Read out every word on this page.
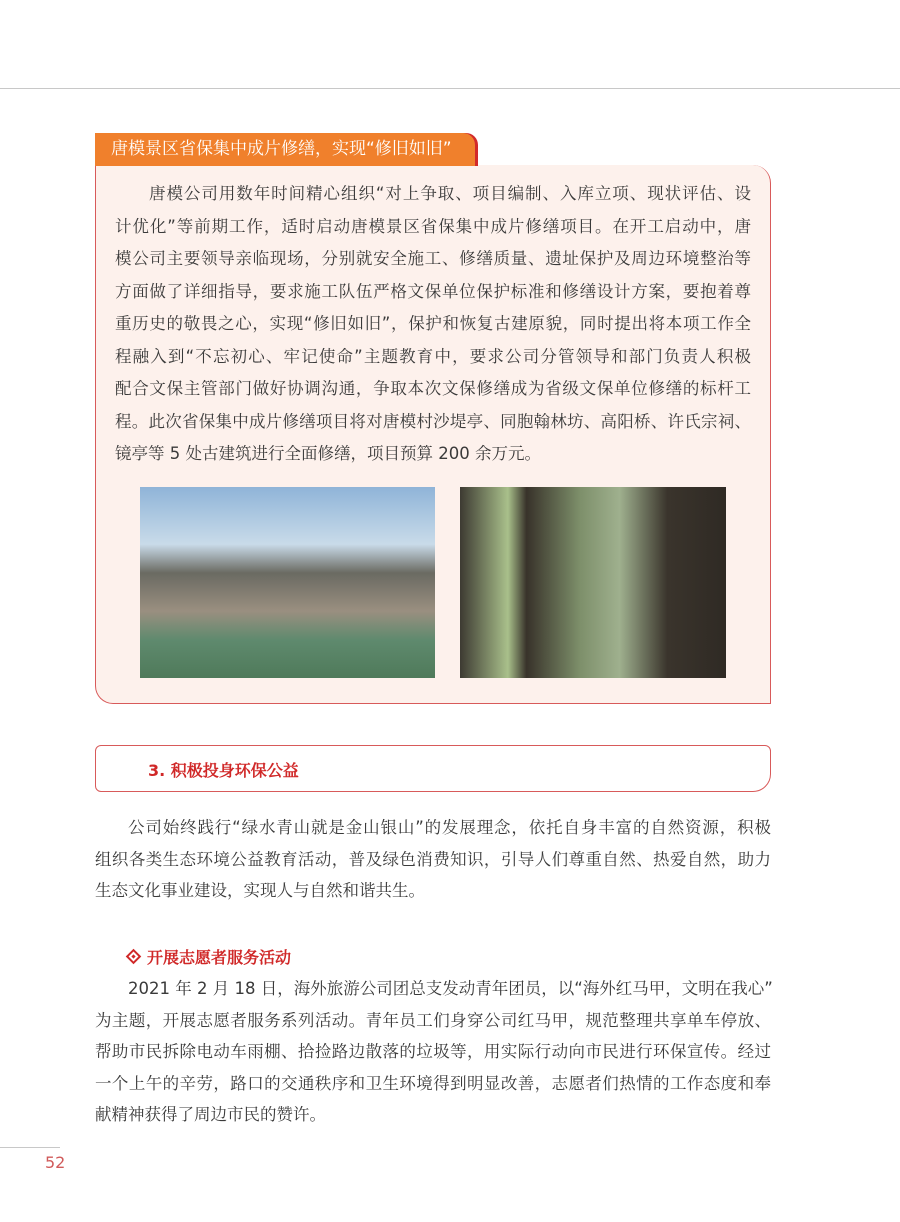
唐模景区省保集中成片修缮，实现“修旧如旧”
唐模公司用数年时间精心组织“对上争取、项目编制、入库立项、现状评估、设
计优化”等前期工作，适时启动唐模景区省保集中成片修缮项目。在开工启动中，唐
模公司主要领导亲临现场，分别就安全施工、修缮质量、遗址保护及周边环境整治等
方面做了详细指导，要求施工队伍严格文保单位保护标准和修缮设计方案，要抱着尊
重历史的敬畏之心，实现“修旧如旧”，保护和恢复古建原貌，同时提出将本项工作全
程融入到“不忘初心、牢记使命”主题教育中，要求公司分管领导和部门负责人积极
配合文保主管部门做好协调沟通，争取本次文保修缮成为省级文保单位修缮的标杆工
程。此次省保集中成片修缮项目将对唐模村沙堤亭、同胞翰林坊、高阳桥、许氏宗祠、
镜亭等 5 处古建筑进行全面修缮，项目预算 200 余万元。
3. 积极投身环保公益
公司始终践行“绿水青山就是金山银山”的发展理念，依托自身丰富的自然资源，积极
组织各类生态环境公益教育活动，普及绿色消费知识，引导人们尊重自然、热爱自然，助力
生态文化事业建设，实现人与自然和谐共生。
开展志愿者服务活动
2021 年 2 月 18 日，海外旅游公司团总支发动青年团员，以“海外红马甲，文明在我心”
为主题，开展志愿者服务系列活动。青年员工们身穿公司红马甲，规范整理共享单车停放、
帮助市民拆除电动车雨棚、拾捡路边散落的垃圾等，用实际行动向市民进行环保宣传。经过
一个上午的辛劳，路口的交通秩序和卫生环境得到明显改善，志愿者们热情的工作态度和奉
献精神获得了周边市民的赞许。
52
